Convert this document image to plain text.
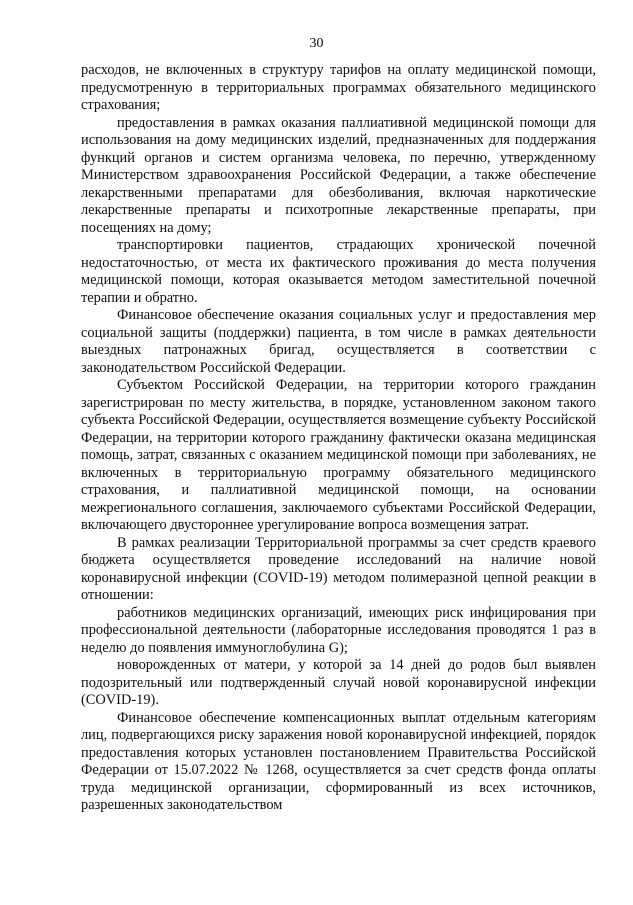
30

расходов, не включенных в структуру тарифов на оплату медицинской помощи, предусмотренную в территориальных программах обязательного медицинского страхования;

предоставления в рамках оказания паллиативной медицинской помощи для использования на дому медицинских изделий, предназначенных для поддержания функций органов и систем организма человека, по перечню, утвержденному Министерством здравоохранения Российской Федерации, а также обеспечение лекарственными препаратами для обезболивания, включая наркотические лекарственные препараты и психотропные лекарственные препараты, при посещениях на дому;

транспортировки пациентов, страдающих хронической почечной недостаточностью, от места их фактического проживания до места получения медицинской помощи, которая оказывается методом заместительной почечной терапии и обратно.

Финансовое обеспечение оказания социальных услуг и предоставления мер социальной защиты (поддержки) пациента, в том числе в рамках деятельности выездных патронажных бригад, осуществляется в соответствии с законодательством Российской Федерации.

Субъектом Российской Федерации, на территории которого гражданин зарегистрирован по месту жительства, в порядке, установленном законом такого субъекта Российской Федерации, осуществляется возмещение субъекту Российской Федерации, на территории которого гражданину фактически оказана медицинская помощь, затрат, связанных с оказанием медицинской помощи при заболеваниях, не включенных в территориальную программу обязательного медицинского страхования, и паллиативной медицинской помощи, на основании межрегионального соглашения, заключаемого субъектами Российской Федерации, включающего двустороннее урегулирование вопроса возмещения затрат.

В рамках реализации Территориальной программы за счет средств краевого бюджета осуществляется проведение исследований на наличие новой коронавирусной инфекции (COVID-19) методом полимеразной цепной реакции в отношении:

работников медицинских организаций, имеющих риск инфицирования при профессиональной деятельности (лабораторные исследования проводятся 1 раз в неделю до появления иммуноглобулина G);

новорожденных от матери, у которой за 14 дней до родов был выявлен подозрительный или подтвержденный случай новой коронавирусной инфекции (COVID-19).

Финансовое обеспечение компенсационных выплат отдельным категориям лиц, подвергающихся риску заражения новой коронавирусной инфекцией, порядок предоставления которых установлен постановлением Правительства Российской Федерации от 15.07.2022 № 1268, осуществляется за счет средств фонда оплаты труда медицинской организации, сформированный из всех источников, разрешенных законодательством
